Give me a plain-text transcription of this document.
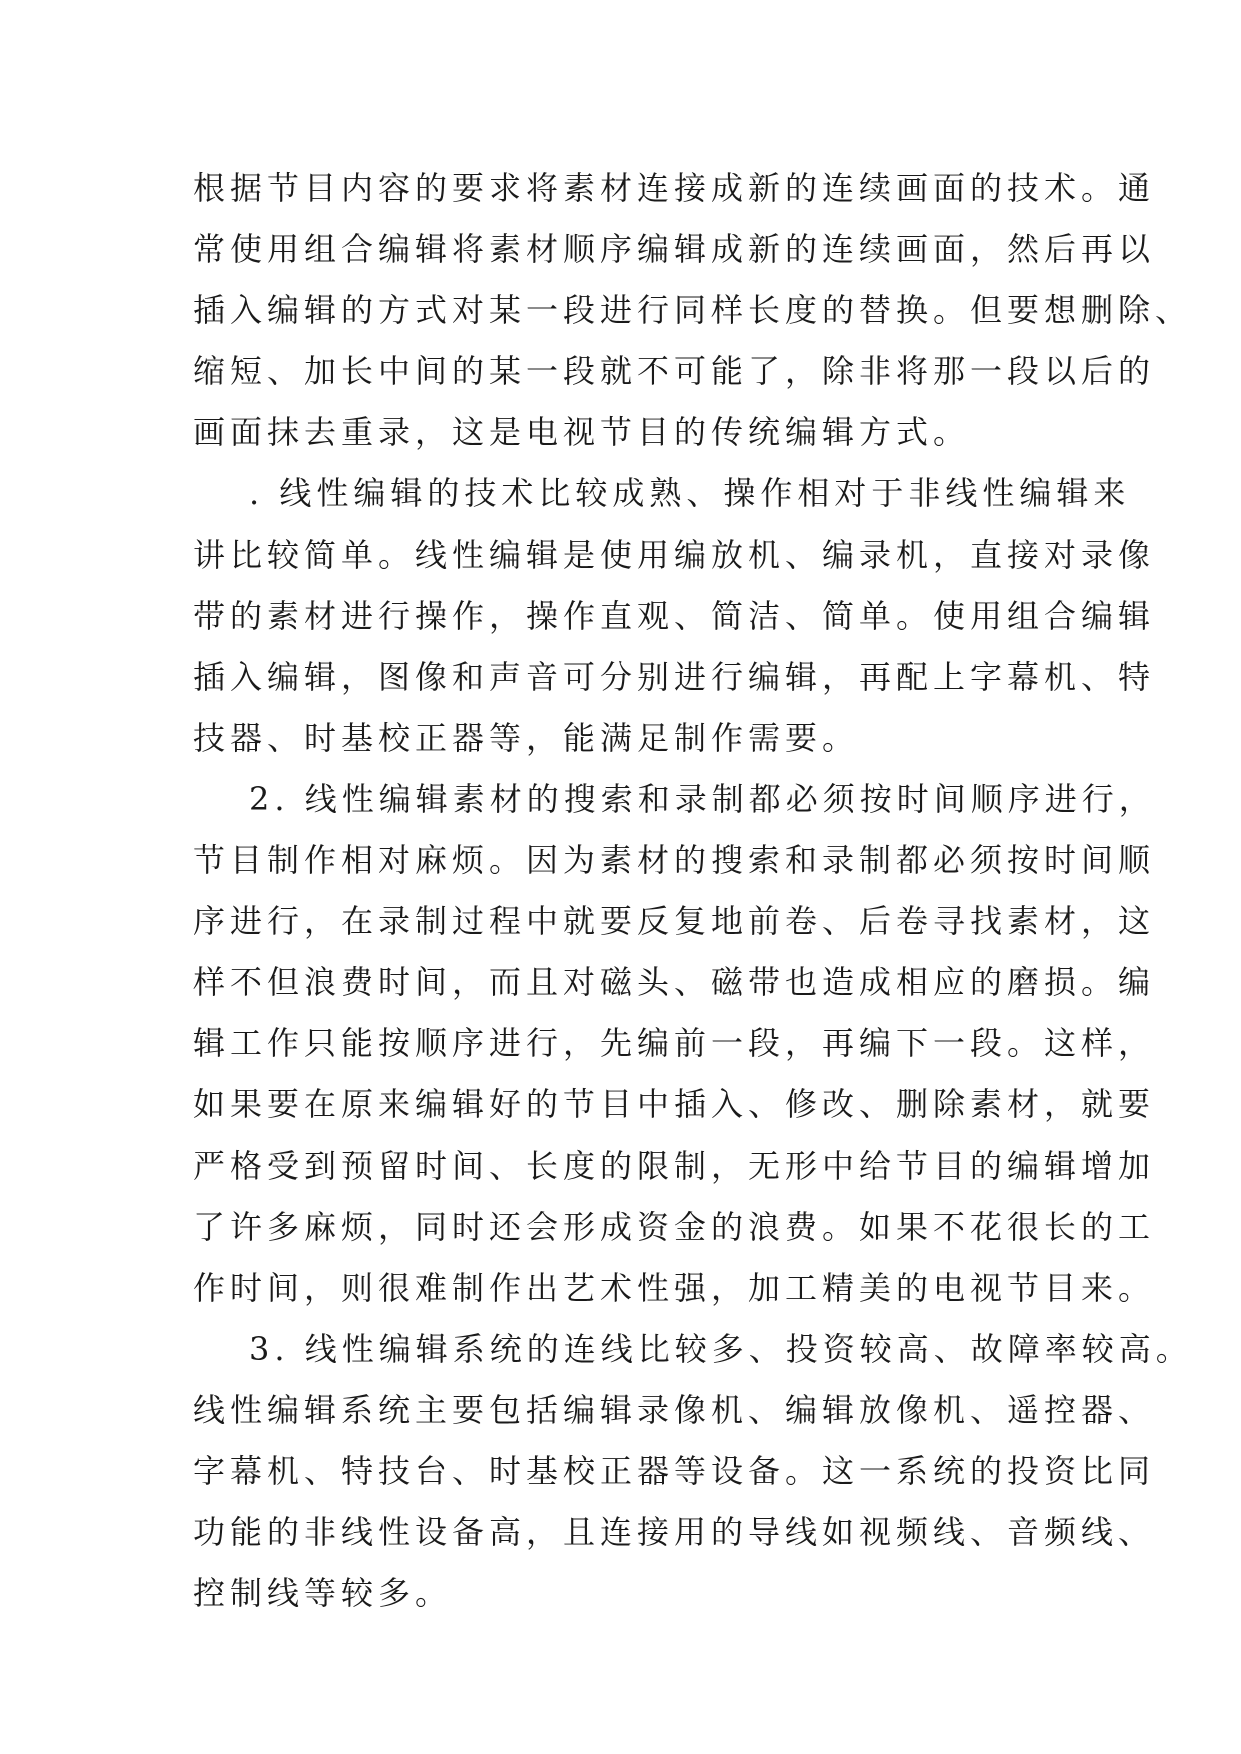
根据节目内容的要求将素材连接成新的连续画面的技术。通
常使用组合编辑将素材顺序编辑成新的连续画面，然后再以
插入编辑的方式对某一段进行同样长度的替换。但要想删除、
缩短、加长中间的某一段就不可能了，除非将那一段以后的
画面抹去重录，这是电视节目的传统编辑方式。
. 线性编辑的技术比较成熟、操作相对于非线性编辑来
讲比较简单。线性编辑是使用编放机、编录机，直接对录像
带的素材进行操作，操作直观、简洁、简单。使用组合编辑
插入编辑，图像和声音可分别进行编辑，再配上字幕机、特
技器、时基校正器等，能满足制作需要。
2. 线性编辑素材的搜索和录制都必须按时间顺序进行，
节目制作相对麻烦。因为素材的搜索和录制都必须按时间顺
序进行，在录制过程中就要反复地前卷、后卷寻找素材，这
样不但浪费时间，而且对磁头、磁带也造成相应的磨损。编
辑工作只能按顺序进行，先编前一段，再编下一段。这样，
如果要在原来编辑好的节目中插入、修改、删除素材，就要
严格受到预留时间、长度的限制，无形中给节目的编辑增加
了许多麻烦，同时还会形成资金的浪费。如果不花很长的工
作时间，则很难制作出艺术性强，加工精美的电视节目来。
3. 线性编辑系统的连线比较多、投资较高、故障率较高。
线性编辑系统主要包括编辑录像机、编辑放像机、遥控器、
字幕机、特技台、时基校正器等设备。这一系统的投资比同
功能的非线性设备高，且连接用的导线如视频线、音频线、
控制线等较多。
